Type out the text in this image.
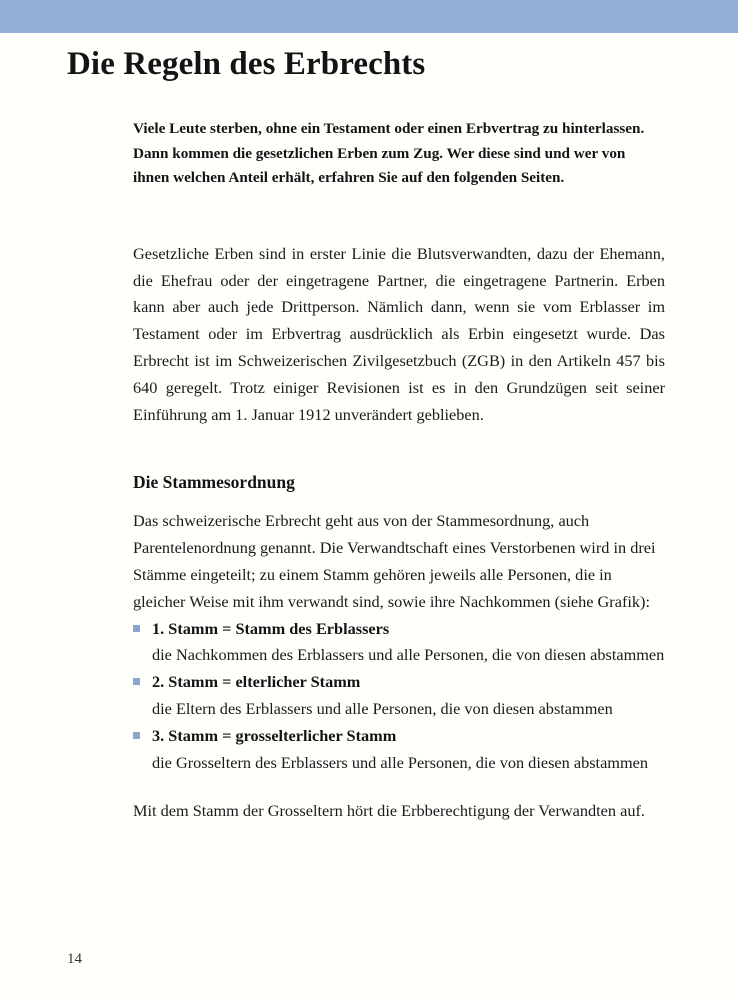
Die Regeln des Erbrechts

Viele Leute sterben, ohne ein Testament oder einen Erbvertrag zu hinterlassen. Dann kommen die gesetzlichen Erben zum Zug. Wer diese sind und wer von ihnen welchen Anteil erhält, erfahren Sie auf den folgenden Seiten.

Gesetzliche Erben sind in erster Linie die Blutsverwandten, dazu der Ehemann, die Ehefrau oder der eingetragene Partner, die eingetragene Partnerin. Erben kann aber auch jede Drittperson. Nämlich dann, wenn sie vom Erblasser im Testament oder im Erbvertrag ausdrücklich als Erbin eingesetzt wurde. Das Erbrecht ist im Schweizerischen Zivilgesetzbuch (ZGB) in den Artikeln 457 bis 640 geregelt. Trotz einiger Revisionen ist es in den Grundzügen seit seiner Einführung am 1. Januar 1912 unverändert geblieben.

Die Stammesordnung

Das schweizerische Erbrecht geht aus von der Stammesordnung, auch Parentelenordnung genannt. Die Verwandtschaft eines Verstorbenen wird in drei Stämme eingeteilt; zu einem Stamm gehören jeweils alle Personen, die in gleicher Weise mit ihm verwandt sind, sowie ihre Nachkommen (siehe Grafik):

1. Stamm = Stamm des Erblassers
die Nachkommen des Erblassers und alle Personen, die von diesen abstammen
2. Stamm = elterlicher Stamm
die Eltern des Erblassers und alle Personen, die von diesen abstammen
3. Stamm = grosselterlicher Stamm
die Grosseltern des Erblassers und alle Personen, die von diesen abstammen

Mit dem Stamm der Grosseltern hört die Erbberechtigung der Verwandten auf.

14
